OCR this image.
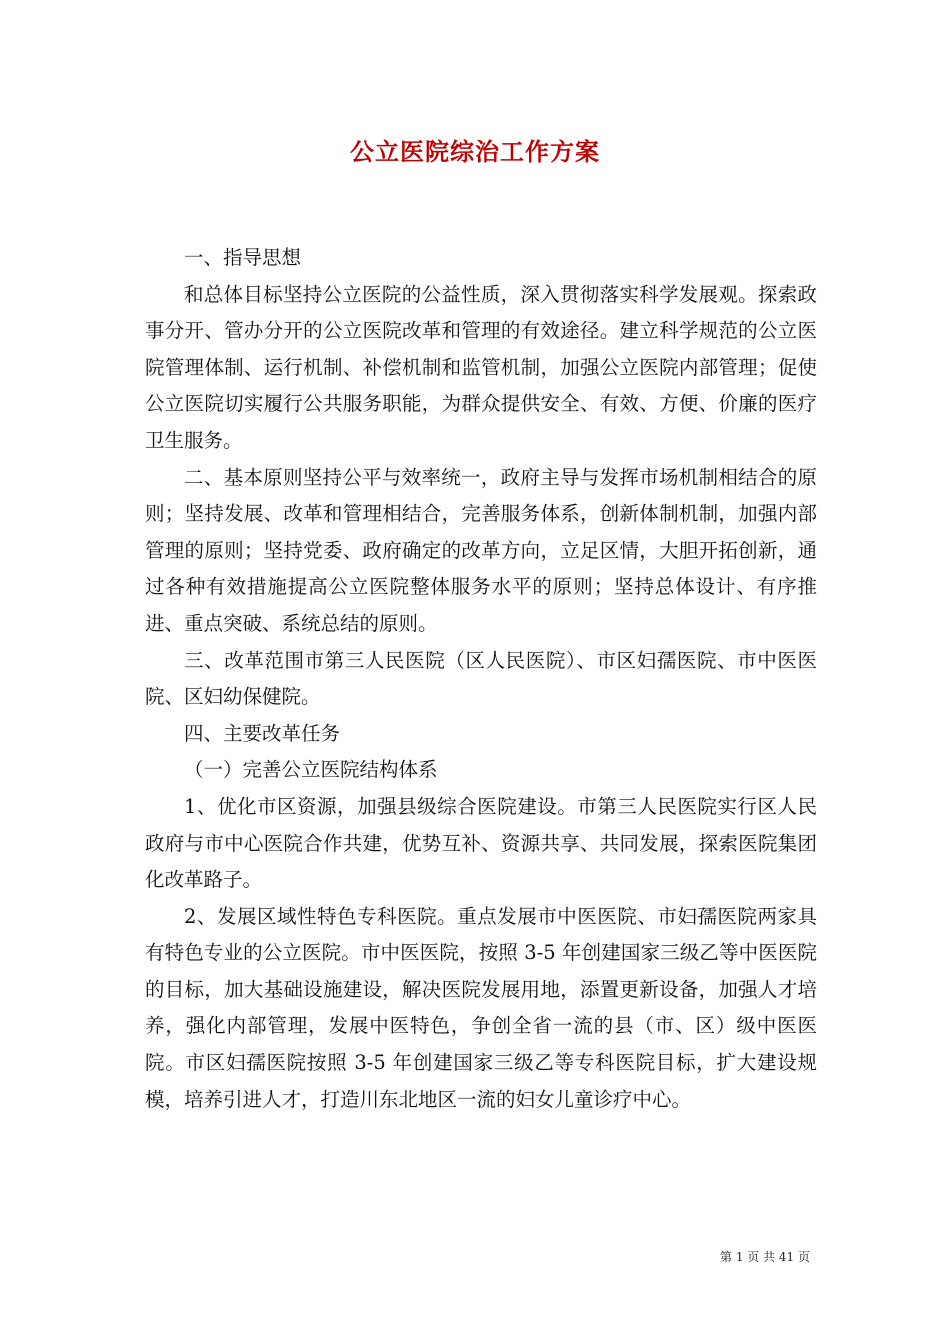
公立医院综治工作方案

一、指导思想

和总体目标坚持公立医院的公益性质，深入贯彻落实科学发展观。探索政事分开、管办分开的公立医院改革和管理的有效途径。建立科学规范的公立医院管理体制、运行机制、补偿机制和监管机制，加强公立医院内部管理；促使公立医院切实履行公共服务职能，为群众提供安全、有效、方便、价廉的医疗卫生服务。

二、基本原则坚持公平与效率统一，政府主导与发挥市场机制相结合的原则；坚持发展、改革和管理相结合，完善服务体系，创新体制机制，加强内部管理的原则；坚持党委、政府确定的改革方向，立足区情，大胆开拓创新，通过各种有效措施提高公立医院整体服务水平的原则；坚持总体设计、有序推进、重点突破、系统总结的原则。

三、改革范围市第三人民医院（区人民医院）、市区妇孺医院、市中医医院、区妇幼保健院。

四、主要改革任务

（一）完善公立医院结构体系

1、优化市区资源，加强县级综合医院建设。市第三人民医院实行区人民政府与市中心医院合作共建，优势互补、资源共享、共同发展，探索医院集团化改革路子。

2、发展区域性特色专科医院。重点发展市中医医院、市妇孺医院两家具有特色专业的公立医院。市中医医院，按照 3-5 年创建国家三级乙等中医医院的目标，加大基础设施建设，解决医院发展用地，添置更新设备，加强人才培养，强化内部管理，发展中医特色，争创全省一流的县（市、区）级中医医院。市区妇孺医院按照 3-5 年创建国家三级乙等专科医院目标，扩大建设规模，培养引进人才，打造川东北地区一流的妇女儿童诊疗中心。

第 1 页 共 41 页
